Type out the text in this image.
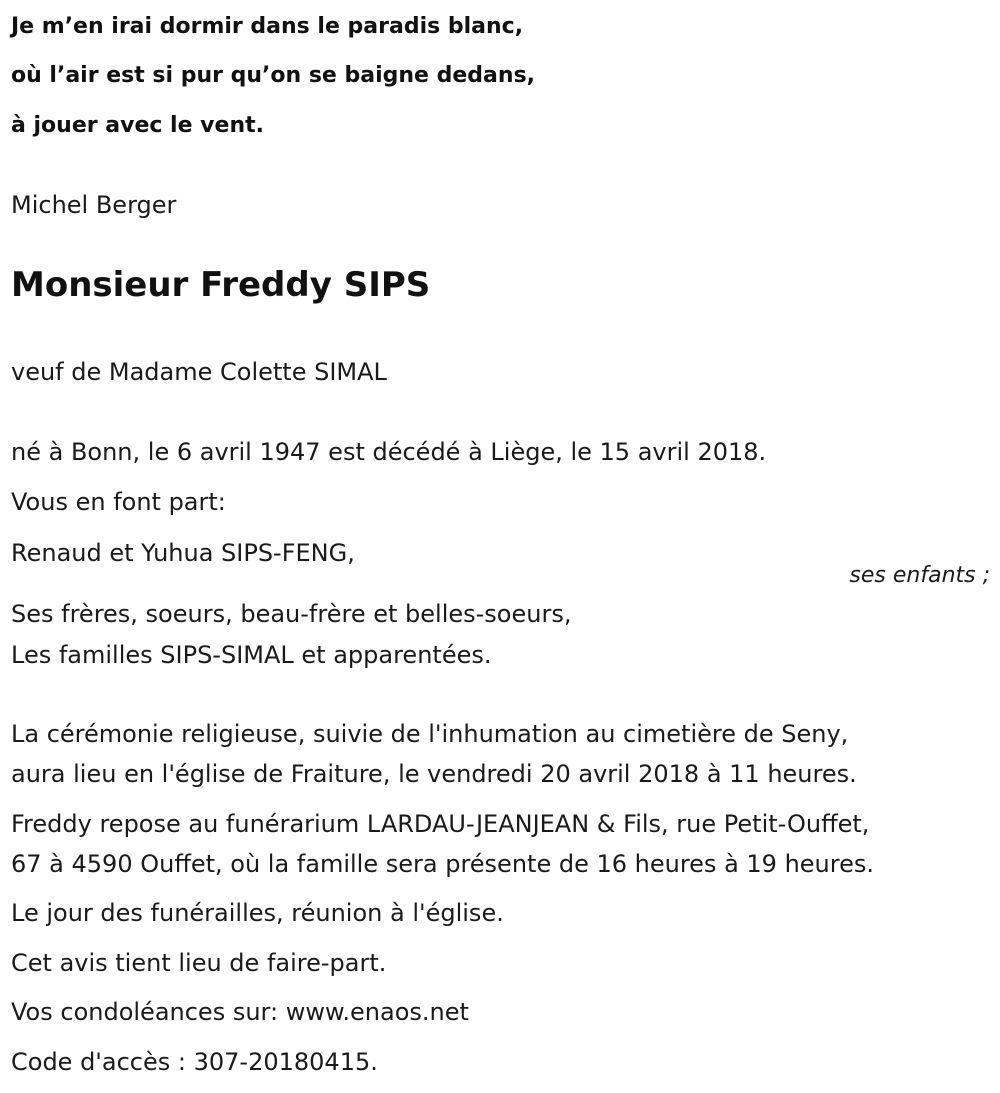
Je m’en irai dormir dans le paradis blanc,

où l’air est si pur qu’on se baigne dedans,

à jouer avec le vent.

Michel Berger

Monsieur Freddy SIPS

veuf de Madame Colette SIMAL

né à Bonn, le 6 avril 1947 est décédé à Liège, le 15 avril 2018.

Vous en font part:

Renaud et Yuhua SIPS-FENG,

ses enfants ;

Ses frères, soeurs, beau-frère et belles-soeurs,

Les familles SIPS-SIMAL et apparentées.

La cérémonie religieuse, suivie de l'inhumation au cimetière de Seny,

aura lieu en l'église de Fraiture, le vendredi 20 avril 2018 à 11 heures.

Freddy repose au funérarium LARDAU-JEANJEAN & Fils, rue Petit-Ouffet,

67 à 4590 Ouffet, où la famille sera présente de 16 heures à 19 heures.

Le jour des funérailles, réunion à l'église.

Cet avis tient lieu de faire-part.

Vos condoléances sur: www.enaos.net

Code d'accès : 307-20180415.
